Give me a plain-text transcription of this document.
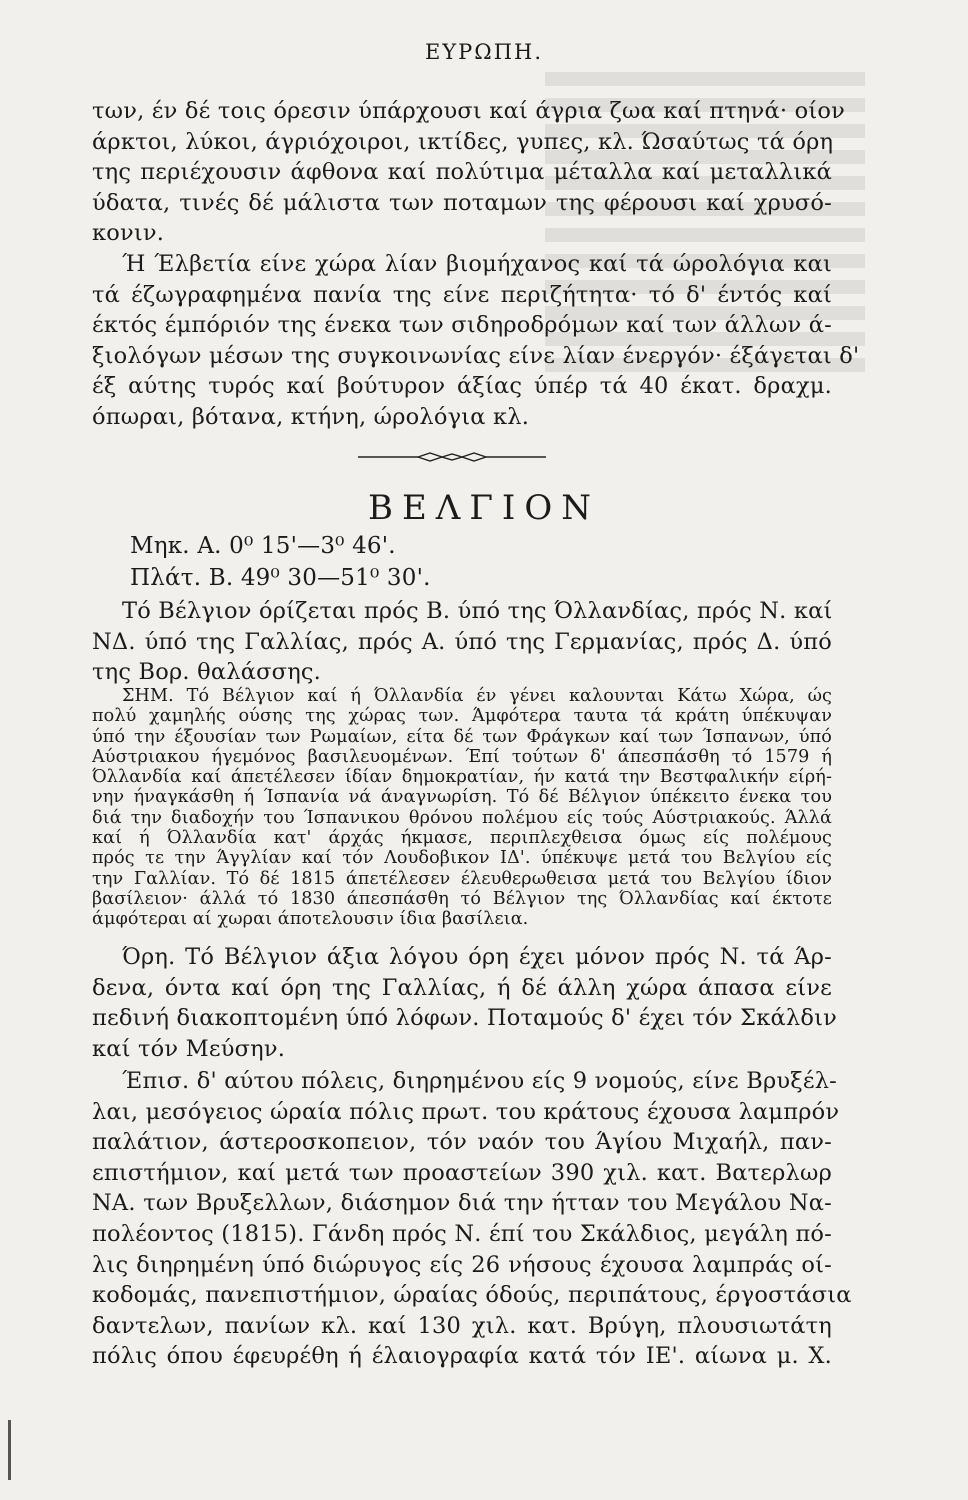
ΕΥΡΩΠΗ.
των, έν δέ τοις όρεσιν ύπάρχουσι καί άγρια ζωα καί πτηνά· οίον
άρκτοι, λύκοι, άγριόχοιροι, ικτίδες, γυπες, κλ. Ώσαύτως τά όρη
της περιέχουσιν άφθονα καί πολύτιμα μέταλλα καί μεταλλικά
ύδατα, τινές δέ μάλιστα των ποταμων της φέρουσι καί χρυσό-
κονιν.
Ή Έλβετία είνε χώρα λίαν βιομήχανος καί τά ώρολόγια και
τά έζωγραφημένα πανία της είνε περιζήτητα· τό δ' έντός καί
έκτός έμπόριόν της ένεκα των σιδηροδρόμων καί των άλλων ά-
ξιολόγων μέσων της συγκοινωνίας είνε λίαν ένεργόν· έξάγεται δ'
έξ αύτης τυρός καί βούτυρον άξίας ύπέρ τά 40 έκατ. δραχμ.
όπωραι, βότανα, κτήνη, ώρολόγια κλ.
ΒΕΛΓΙΟΝ
Μηκ. Α. 0⁰ 15'—3⁰ 46'.
Πλάτ. Β. 49⁰ 30—51⁰ 30'.
Τό Βέλγιον όρίζεται πρός Β. ύπό της Όλλανδίας, πρός Ν. καί
ΝΔ. ύπό της Γαλλίας, πρός Α. ύπό της Γερμανίας, πρός Δ. ύπό
της Βορ. θαλάσσης.
ΣΗΜ. Τό Βέλγιον καί ή Όλλανδία έν γένει καλουνται Κάτω Χώρα, ώς
πολύ χαμηλής ούσης της χώρας των. Άμφότερα ταυτα τά κράτη ύπέκυψαν
ύπό την έξουσίαν των Ρωμαίων, είτα δέ των Φράγκων καί των Ίσπανων, ύπό
Αύστριακου ήγεμόνος βασιλευομένων. Έπί τούτων δ' άπεσπάσθη τό 1579 ή
Όλλανδία καί άπετέλεσεν ίδίαν δημοκρατίαν, ήν κατά την Βεστφαλικήν είρή-
νην ήναγκάσθη ή Ίσπανία νά άναγνωρίση. Τό δέ Βέλγιον ύπέκειτο ένεκα του
διά την διαδοχήν του Ίσπανικου θρόνου πολέμου είς τούς Αύστριακούς. Άλλά
καί ή Όλλανδία κατ' άρχάς ήκμασε, περιπλεχθεισα όμως είς πολέμους
πρός τε την Άγγλίαν καί τόν Λουδοβικον ΙΔ'. ύπέκυψε μετά του Βελγίου είς
την Γαλλίαν. Τό δέ 1815 άπετέλεσεν έλευθερωθεισα μετά του Βελγίου ίδιον
βασίλειον· άλλά τό 1830 άπεσπάσθη τό Βέλγιον της Όλλανδίας καί έκτοτε
άμφότεραι αί χωραι άποτελουσιν ίδια βασίλεια.
Όρη. Τό Βέλγιον άξια λόγου όρη έχει μόνον πρός Ν. τά Άρ-
δενα, όντα καί όρη της Γαλλίας, ή δέ άλλη χώρα άπασα είνε
πεδινή διακοπτομένη ύπό λόφων. Ποταμούς δ' έχει τόν Σκάλδιν
καί τόν Μεύσην.
Έπισ. δ' αύτου πόλεις, διηρημένου είς 9 νομούς, είνε Βρυξέλ-
λαι, μεσόγειος ώραία πόλις πρωτ. του κράτους έχουσα λαμπρόν
παλάτιον, άστεροσκοπειον, τόν ναόν του Άγίου Μιχαήλ, παν-
επιστήμιον, καί μετά των προαστείων 390 χιλ. κατ. Βατερλωρ
ΝΑ. των Βρυξελλων, διάσημον διά την ήτταν του Μεγάλου Να-
πολέοντος (1815). Γάνδη πρός Ν. έπί του Σκάλδιος, μεγάλη πό-
λις διηρημένη ύπό διώρυγος είς 26 νήσους έχουσα λαμπράς οί-
κοδομάς, πανεπιστήμιον, ώραίας όδούς, περιπάτους, έργοστάσια
δαντελων, πανίων κλ. καί 130 χιλ. κατ. Βρύγη, πλουσιωτάτη
πόλις όπου έφευρέθη ή έλαιογραφία κατά τόν ΙΕ'. αίωνα μ. Χ.
